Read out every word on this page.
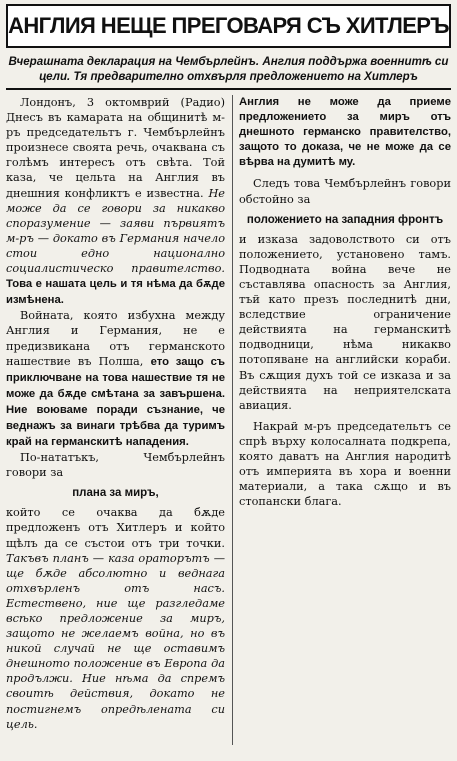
АНГЛИЯ НЕЩЕ ПРЕГОВАРЯ СЪ ХИТЛЕРЪ
Вчерашната декларация на Чембърлейнъ. Англия поддържа военнитѣ си цели. Тя предварително отхвърля предложението на Хитлеръ

Лондонъ, 3 октомврий (Радио) Днесъ въ камарата на общинитѣ м-ръ председательтъ г. Чембърлейнъ произнесе своята речь, очаквана съ голѣмъ интересъ отъ свѣта. Той каза, че цельта на Англия въ днешния конфликтъ е известна. Не може да се говори за никакво споразумение — заяви първиятъ м-ръ — докато въ Германия начело стои едно национално социалистическо правителство. Това е нашата цель и тя нѣма да бѫде измѣнена.

Войната, която избухна между Англия и Германия, не е предизвикана отъ германското нашествие въ Полша, ето защо съ приключване на това нашествие тя не може да бѫде смѣтана за завършена. Ние воюваме поради съзнание, че веднажъ за винаги трѣбва да туримъ край на германскитѣ нападения.

По-нататъкъ, Чембърлейнъ говори за

плана за миръ,

който се очаква да бѫде предложенъ отъ Хитлеръ и който щѣлъ да се състои отъ три точки. Такъвъ планъ — каза ораторътъ — ще бѫде абсолютно и веднага отхвърленъ отъ насъ. Естествено, ние ще разгледаме всѣко предложение за миръ, защото не желаемъ война, но въ никой случай не ще оставимъ днешното положение въ Европа да продължи. Ние нѣма да спремъ своитѣ действия, докато не постигнемъ опредѣлената си цель.

Англия не може да приеме предложението за миръ отъ днешното германско правителство, защото то доказа, че не може да се вѣрва на думитѣ му.

Следъ това Чембърлейнъ говори обстойно за

положението на западния фронтъ

и изказа задоволството си отъ положението, установено тамъ. Подводната война вече не съставлява опасность за Англия, тъй като презъ последнитѣ дни, вследствие ограничение действията на германскитѣ подводници, нѣма никакво потопяване на английски кораби. Въ сѫщия духъ той се изказа и за действията на неприятелската авиация.

Накрай м-ръ председательтъ се спрѣ върху колосалната подкрепа, която даватъ на Англия народитѣ отъ империята въ хора и военни материали, а така сѫщо и въ стопански блага.
